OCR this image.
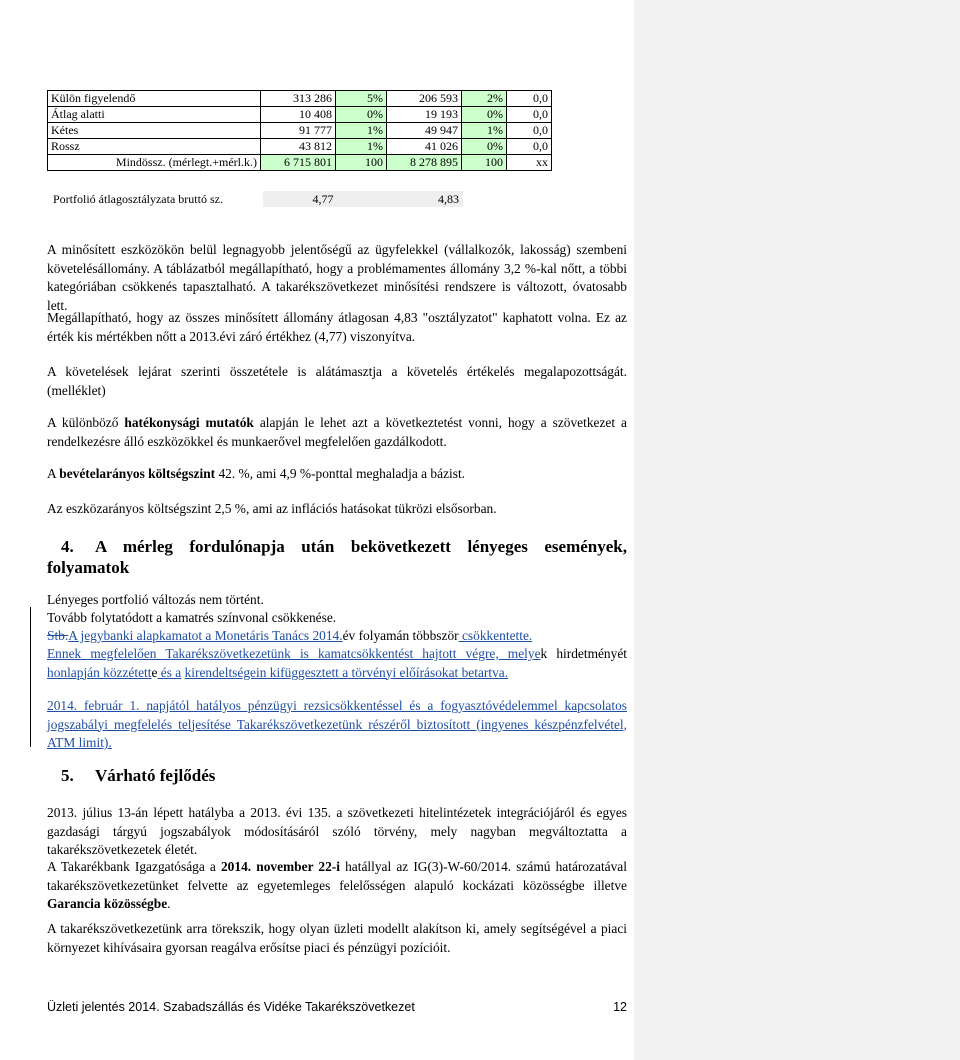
Külön figyelendő	313 286	5%	206 593	2%	0,0
Átlag alatti	10 408	0%	19 193	0%	0,0
Kétes	91 777	1%	49 947	1%	0,0
Rossz	43 812	1%	41 026	0%	0,0
Mindössz. (mérlegt.+mérl.k.)	6 715 801	100	8 278 895	100	xx
Portfolió átlagosztályzata bruttó sz.	4,77	4,83

A minősített eszközökön belül legnagyobb jelentőségű az ügyfelekkel (vállalkozók, lakosság) szembeni követelésállomány. A táblázatból megállapítható, hogy a problémamentes állomány 3,2 %-kal nőtt, a többi kategóriában csökkenés tapasztalható. A takarékszövetkezet minősítési rendszere is változott, óvatosabb lett.

Megállapítható, hogy az összes minősített állomány átlagosan 4,83 "osztályzatot" kaphatott volna. Ez az érték kis mértékben nőtt a 2013.évi záró értékhez (4,77) viszonyítva.

A követelések lejárat szerinti összetétele is alátámasztja a követelés értékelés megalapozottságát. (melléklet)

A különböző hatékonysági mutatók alapján le lehet azt a következtetést vonni, hogy a szövetkezet a rendelkezésre álló eszközökkel és munkaerővel megfelelően gazdálkodott.

A bevételarányos költségszint 42. %, ami 4,9 %-ponttal meghaladja a bázist.

Az eszközarányos költségszint 2,5 %, ami az inflációs hatásokat tükrözi elsősorban.

4. A mérleg fordulónapja után bekövetkezett lényeges események, folyamatok

Lényeges portfolió változás nem történt.

Tovább folytatódott a kamatrés színvonal csökkenése.

Stb.A jegybanki alapkamatot a Monetáris Tanács 2014.év folyamán többször csökkentette.

Ennek megfelelően Takarékszövetkezetünk is kamatcsökkentést hajtott végre, melyek hirdetményét honlapján közzétette és a kirendeltségein kifüggesztett a törvényi előírásokat betartva.

2014. február 1. napjától hatályos pénzügyi rezsicsökkentéssel és a fogyasztóvédelemmel kapcsolatos jogszabályi megfelelés teljesítése Takarékszövetkezetünk részéről biztosított (ingyenes készpénzfelvétel, ATM limit).

5. Várható fejlődés

2013. július 13-án lépett hatályba a 2013. évi 135. a szövetkezeti hitelintézetek integrációjáról és egyes gazdasági tárgyú jogszabályok módosításáról szóló törvény, mely nagyban megváltoztatta a takarékszövetkezetek életét.

A Takarékbank Igazgatósága a 2014. november 22-i hatállyal az IG(3)-W-60/2014. számú határozatával takarékszövetkezetünket felvette az egyetemleges felelősségen alapuló kockázati közösségbe illetve Garancia közösségbe.

A takarékszövetkezetünk arra törekszik, hogy olyan üzleti modellt alakítson ki, amely segítségével a piaci környezet kihívásaira gyorsan reagálva erősítse piaci és pénzügyi pozícióit.

Üzleti jelentés 2014. Szabadszállás és Vidéke Takarékszövetkezet	12
